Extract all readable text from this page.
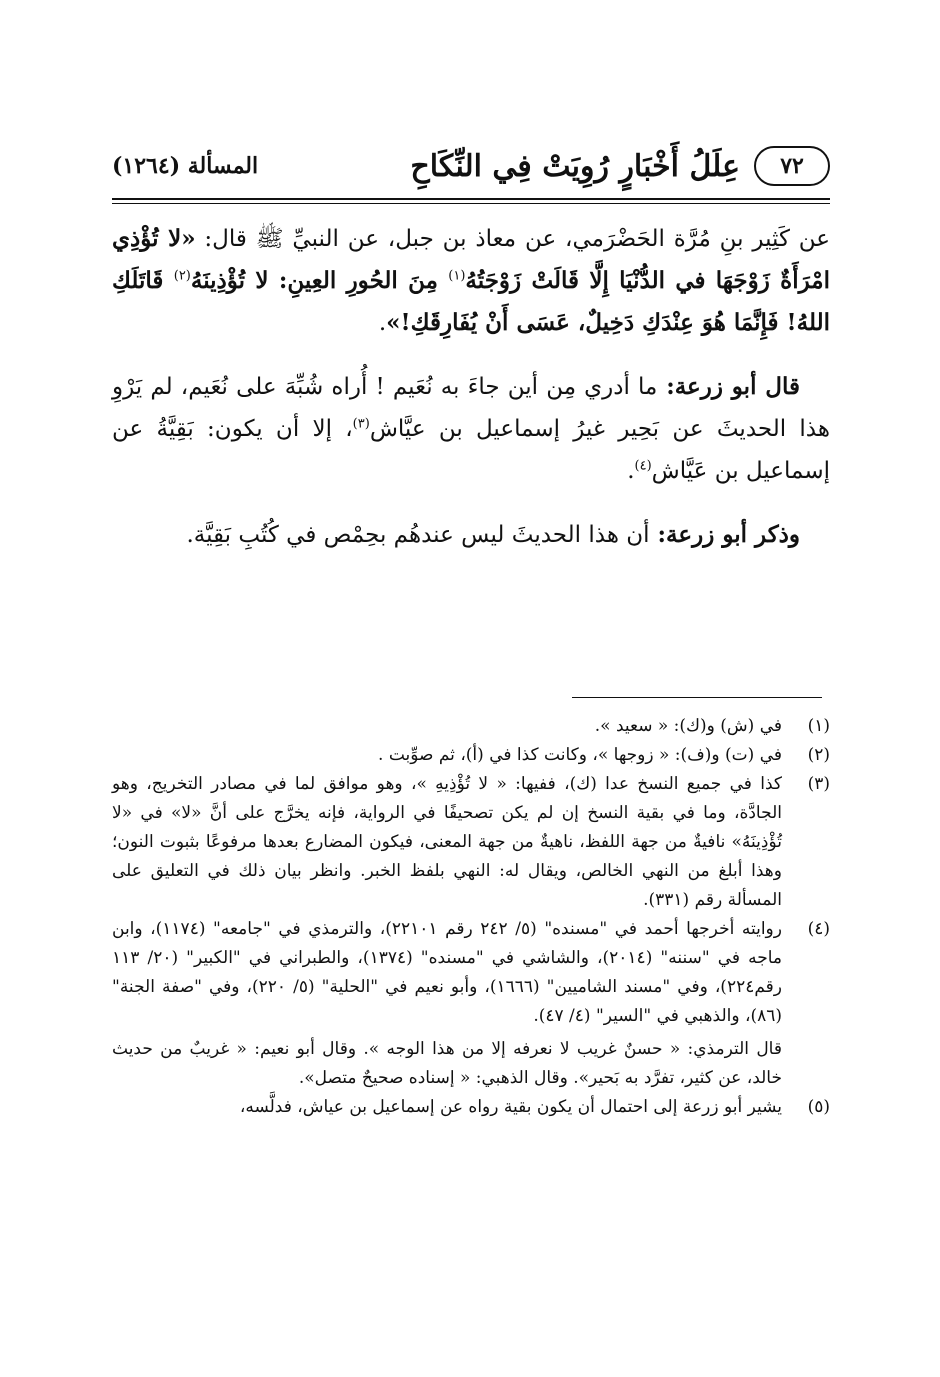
٧٢
عِلَلُ أَخْبَارٍ رُوِيَتْ فِي النِّكَاحِ
المسألة (١٢٦٤)

عن كَثِير بنِ مُرَّة الحَضْرَمي، عن معاذ بن جبل، عن النبيِّ ﷺ قال: «لا تُؤْذِي امْرَأَةٌ زَوْجَهَا في الدُّنْيَا إِلَّا قَالَتْ زَوْجَتُهُ$^{(١)}$ مِنَ الحُورِ العِينِ: لا تُؤْذِينَهُ$^{(٢)}$ قَاتَلَكِ اللهُ! فَإِنَّمَا هُوَ عِنْدَكِ دَخِيلٌ، عَسَى أَنْ يُفَارِقَكِ!».

قال أبو زرعة: ما أدري مِن أين جاءَ به نُعَيم ! أُراه شُبِّهَ على نُعَيم، لم يَرْوِ هذا الحديثَ عن بَحِير غيرُ إسماعيل بن عيَّاش$^{(٣)}$، إلا أن يكون: بَقِيَّةُ عن إسماعيل بن عَيَّاش$^{(٤)}$.

وذكر أبو زرعة: أن هذا الحديثَ ليس عندهُم بحِمْص في كُتُبِ بَقِيَّة.

(١)

في (ش) و(ك): « سعيد ».

(٢)

في (ت) و(ف): « زوجها »، وكانت كذا في (أ)، ثم صوِّبت .

(٣)

كذا في جميع النسخ عدا (ك)، ففيها: « لا تُؤْذِيهِ »، وهو موافق لما في مصادر التخريج، وهو الجادَّة، وما في بقية النسخ إن لم يكن تصحيفًا في الرواية، فإنه يخرَّج على أنَّ «لا» في «لا تُؤْذِينَهُ» نافيةٌ من جهة اللفظ، ناهيةٌ من جهة المعنى، فيكون المضارع بعدها مرفوعًا بثبوت النون؛ وهذا أبلغ من النهي الخالص، ويقال له: النهي بلفظ الخبر. وانظر بيان ذلك في التعليق على المسألة رقم (٣٣١).

(٤)

روايته أخرجها أحمد في "مسنده" (٥/ ٢٤٢ رقم ٢٢١٠١)، والترمذي في "جامعه" (١١٧٤)، وابن ماجه في "سننه" (٢٠١٤)، والشاشي في "مسنده" (١٣٧٤)، والطبراني في "الكبير" (٢٠/ ١١٣ رقم٢٢٤)، وفي "مسند الشاميين" (١٦٦٦)، وأبو نعيم في "الحلية" (٥/ ٢٢٠)، وفي "صفة الجنة" (٨٦)، والذهبي في "السير" (٤/ ٤٧).

قال الترمذي: « حسنٌ غريب لا نعرفه إلا من هذا الوجه ». وقال أبو نعيم: « غريبٌ من حديث خالد، عن كثير، تفرَّد به بَحير». وقال الذهبي: « إسناده صحيحٌ متصل».

(٥)

يشير أبو زرعة إلى احتمال أن يكون بقية رواه عن إسماعيل بن عياش، فدلَّسه،
